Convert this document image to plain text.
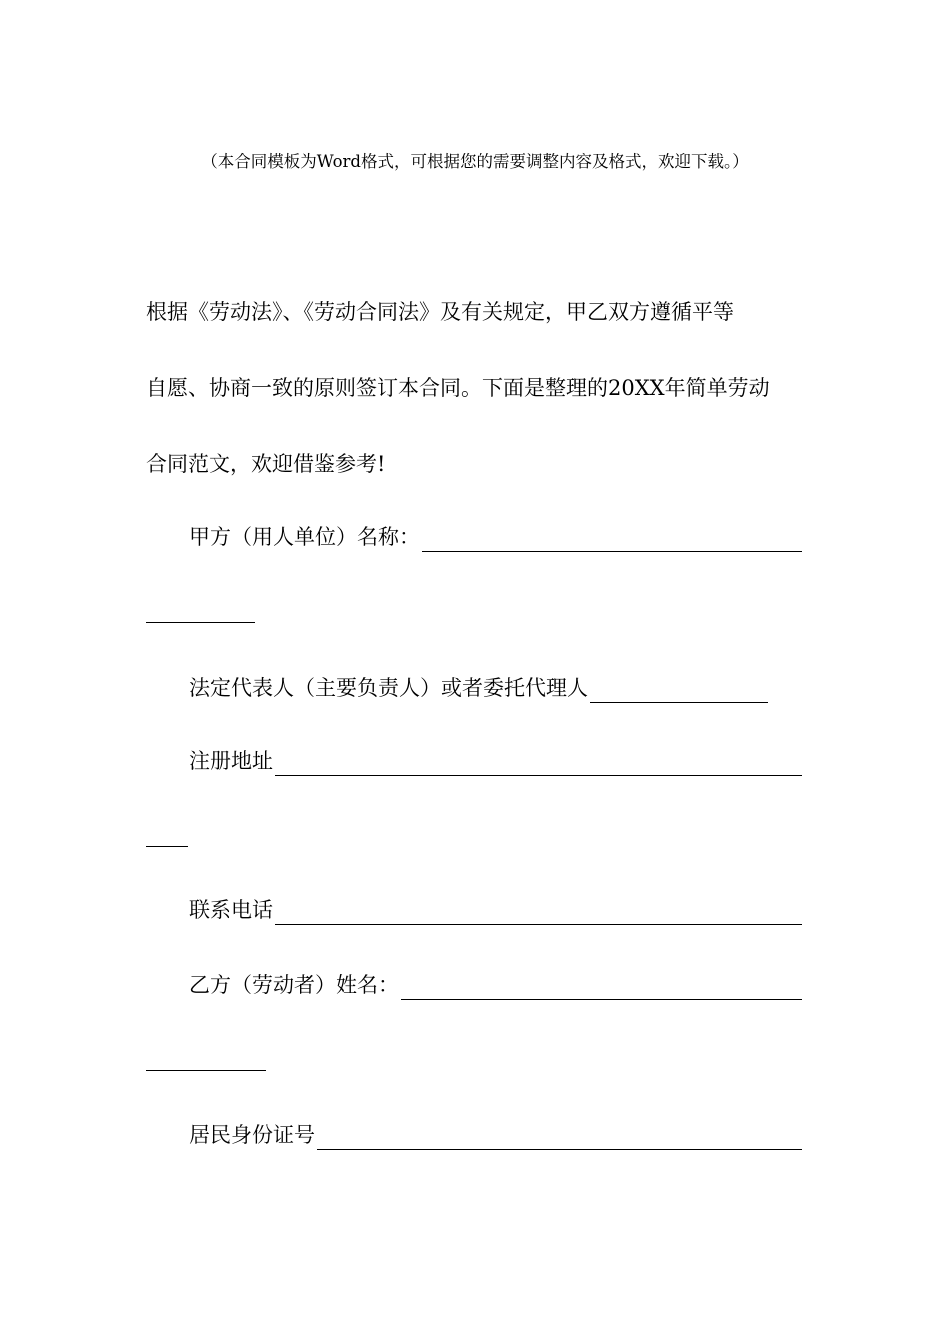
（本合同模板为Word格式，可根据您的需要调整内容及格式，欢迎下载。）
根据《劳动法》、《劳动合同法》及有关规定，甲乙双方遵循平等
自愿、协商一致的原则签订本合同。下面是整理的20XX年简单劳动
合同范文，欢迎借鉴参考!
甲方（用人单位）名称：
法定代表人（主要负责人）或者委托代理人
注册地址
联系电话
乙方（劳动者）姓名：
居民身份证号
